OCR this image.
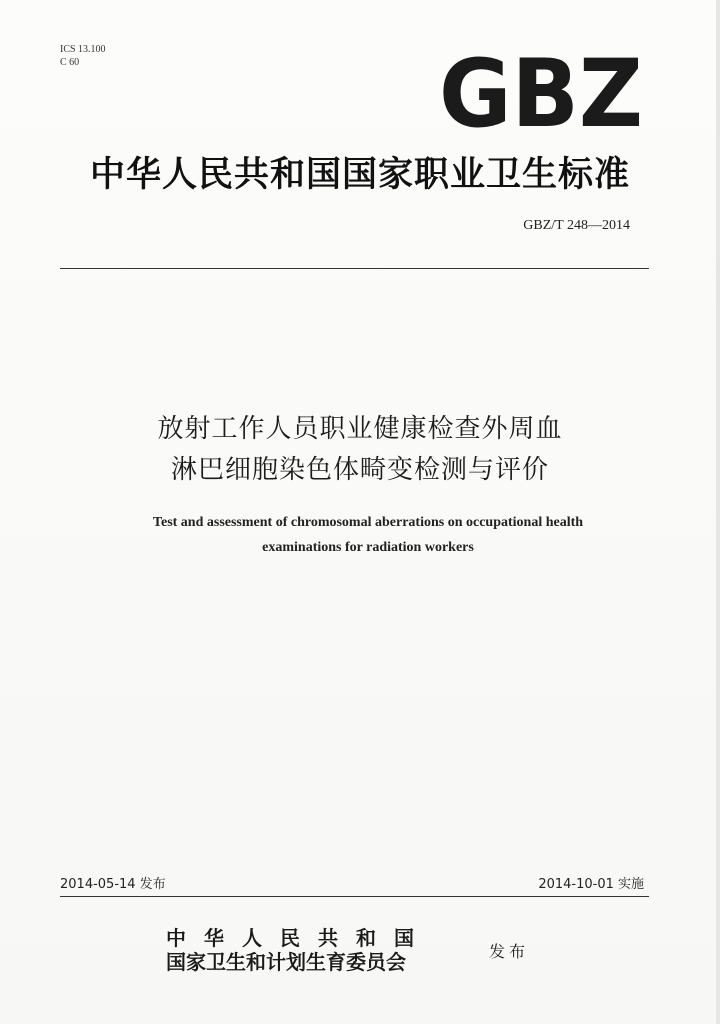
ICS 13.100
C 60	GBZ
中华人民共和国国家职业卫生标准
GBZ/T 248—2014
放射工作人员职业健康检查外周血
淋巴细胞染色体畸变检测与评价
Test and assessment of chromosomal aberrations on occupational health
examinations for radiation workers
2014-05-14 发布	2014-10-01 实施
中华人民共和国
国家卫生和计划生育委员会	发布
